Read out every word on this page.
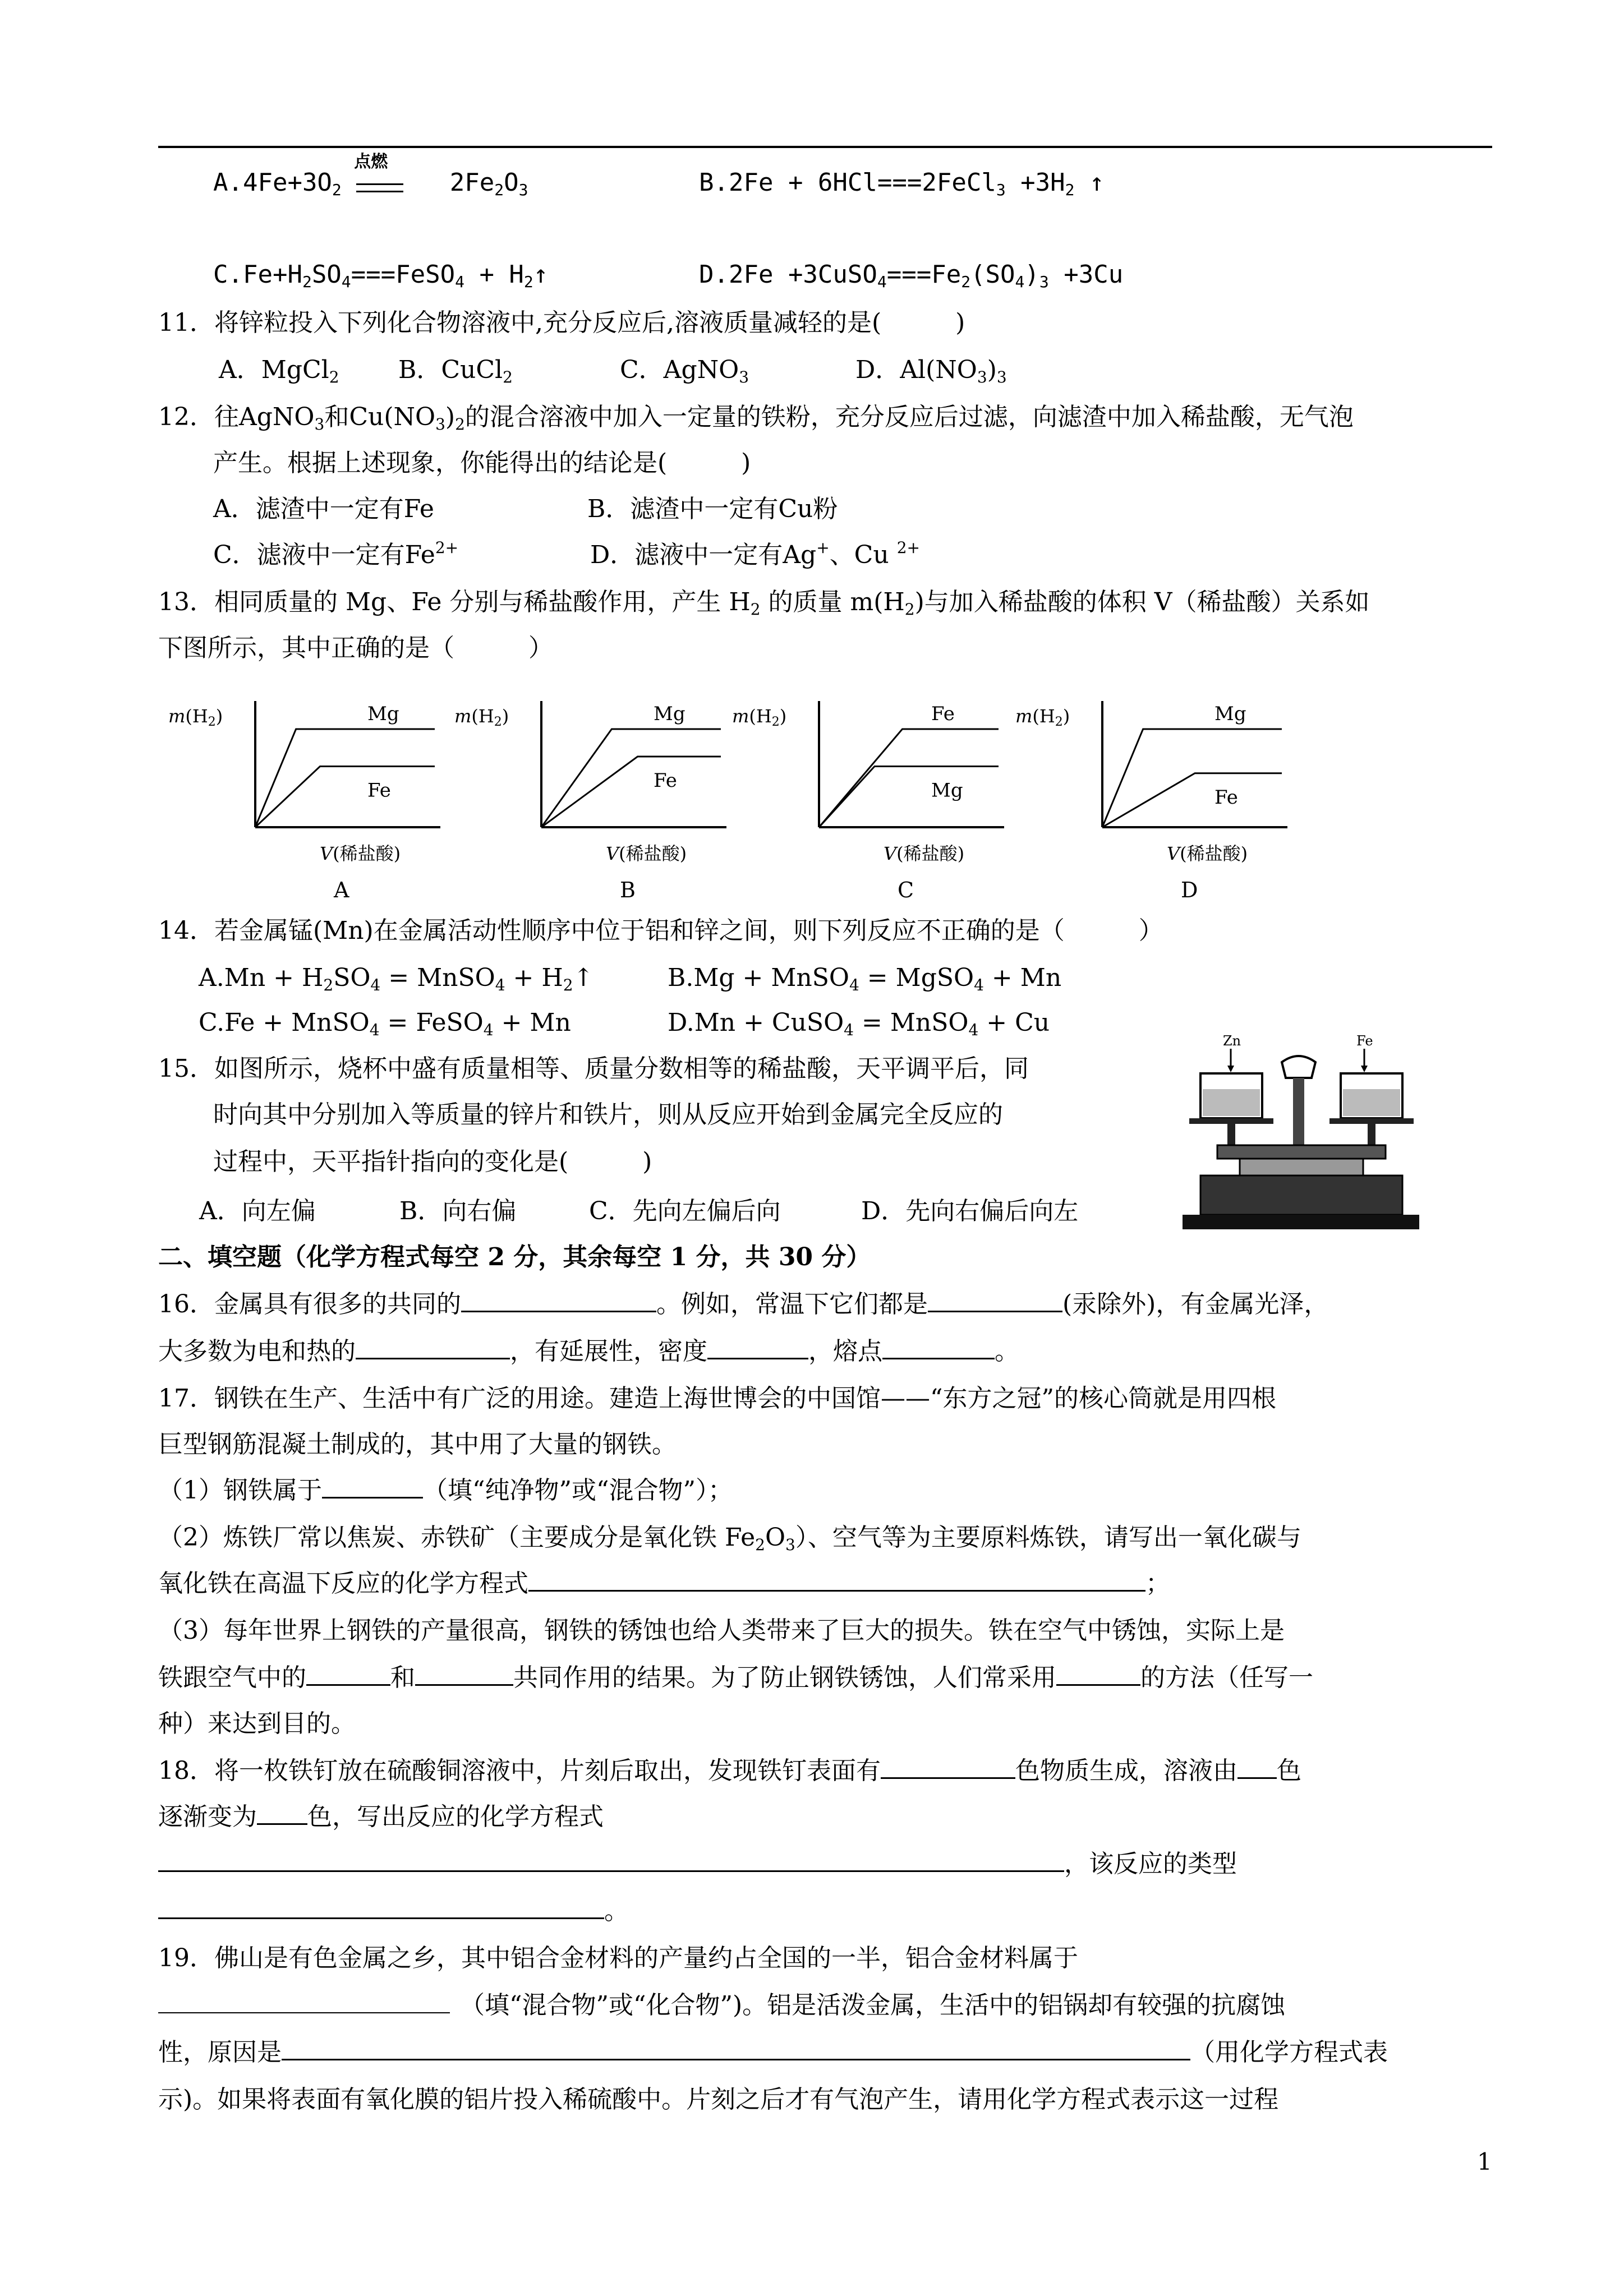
$A.4Fe+3O_2$
点燃
$2Fe_2O_3$	B.2Fe + 6HCl===2FeCl$_3$ $+3H_2$ ↑
$C.Fe+H_2SO_4===FeSO_4$ + $H_2↑$	$D.2Fe +3CuSO_4===Fe_2(SO_4)_3 +3Cu$
11．将锌粒投入下列化合物溶液中,充分反应后,溶液质量减轻的是(　　　)
A．MgCl$_2$ B．CuCl$_2$	C．AgNO$_3$	D．$Al(NO_3)_3$
12．往AgNO$_3$和$Cu(NO_3)_2$的混合溶液中加入一定量的铁粉，充分反应后过滤，向滤渣中加入稀盐酸，无气泡
产生。根据上述现象，你能得出的结论是(　　　)
A．滤渣中一定有Fe	B．滤渣中一定有Cu粉
C．滤液中一定有$Fe^{2+}$	D．滤液中一定有Ag+、Cu $^{2+}$
13．相同质量的 Mg、Fe 分别与稀盐酸作用，产生 $H_2$ 的质量 $m(H_2)$与加入稀盐酸的体积 V（稀盐酸）关系如
下图所示，其中正确的是（　　　）
m(H2)
V(稀盐酸)
A
Mg
Fe
m(H2)
V(稀盐酸)
B
Mg
Fe
m(H2)
V(稀盐酸)
C
Fe
Mg
m(H2)
V(稀盐酸)
D
Mg
Fe
14．若金属锰(Mn)在金属活动性顺序中位于铝和锌之间，则下列反应不正确的是（　　　）
$A.Mn + H_2SO_4$ = MnSO$_4$ + $H_2↑$	B.Mg + MnSO$_4$ = MgSO$_4$ + Mn
C.Fe + MnSO$_4$ = FeSO$_4$ + Mn	D.Mn + CuSO$_4$ = MnSO$_4$ + Cu
15．如图所示，烧杯中盛有质量相等、质量分数相等的稀盐酸，天平调平后，同
时向其中分别加入等质量的锌片和铁片，则从反应开始到金属完全反应的
过程中，天平指针指向的变化是(　　　)
A．向左偏	B．向右偏	C．先向左偏后向	D．先向右偏后向左
Zn	Fe
二、填空题（化学方程式每空 2 分，其余每空 1 分，共 30 分）
16．金属具有很多的共同的	。例如，常温下它们都是	(汞除外)，有金属光泽，
大多数为电和热的	，有延展性，密度	，熔点	。
17．钢铁在生产、生活中有广泛的用途。建造上海世博会的中国馆——“东方之冠”的核心筒就是用四根
巨型钢筋混凝土制成的，其中用了大量的钢铁。
（1）钢铁属于	（填“纯净物”或“混合物”）；
（2）炼铁厂常以焦炭、赤铁矿（主要成分是氧化铁 $Fe_2O_3$）、空气等为主要原料炼铁，请写出一氧化碳与
氧化铁在高温下反应的化学方程式	；
（3）每年世界上钢铁的产量很高，钢铁的锈蚀也给人类带来了巨大的损失。铁在空气中锈蚀，实际上是
铁跟空气中的	和	共同作用的结果。为了防止钢铁锈蚀，人们常采用	的方法（任写一
种）来达到目的。
18．将一枚铁钉放在硫酸铜溶液中，片刻后取出，发现铁钉表面有	色物质生成，溶液由 色
逐渐变为 色，写出反应的化学方程式
，该反应的类型
。
19．佛山是有色金属之乡，其中铝合金材料的产量约占全国的一半，铝合金材料属于
（填“混合物”或“化合物”)。铝是活泼金属，生活中的铝锅却有较强的抗腐蚀
性，原因是	（用化学方程式表
示)。如果将表面有氧化膜的铝片投入稀硫酸中。片刻之后才有气泡产生，请用化学方程式表示这一过程
1
